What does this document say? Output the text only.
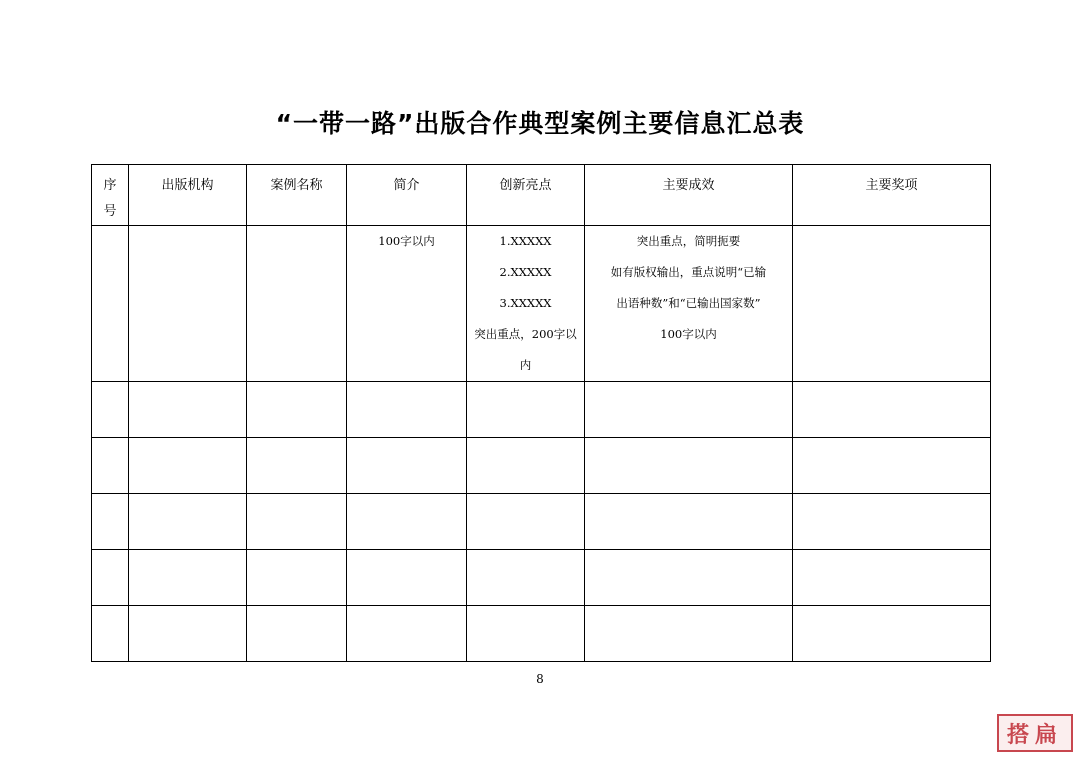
“一带一路”出版合作典型案例主要信息汇总表
序
号	出版机构	案例名称	简介	创新亮点	主要成效	主要奖项

			100字以内	1.XXXXX
2.XXXXX
3.XXXXX
突出重点，200字以内	突出重点，简明扼要
如有版权输出，重点说明“已输
出语种数”和“已输出国家数”
100字以内	

8
搭扁
